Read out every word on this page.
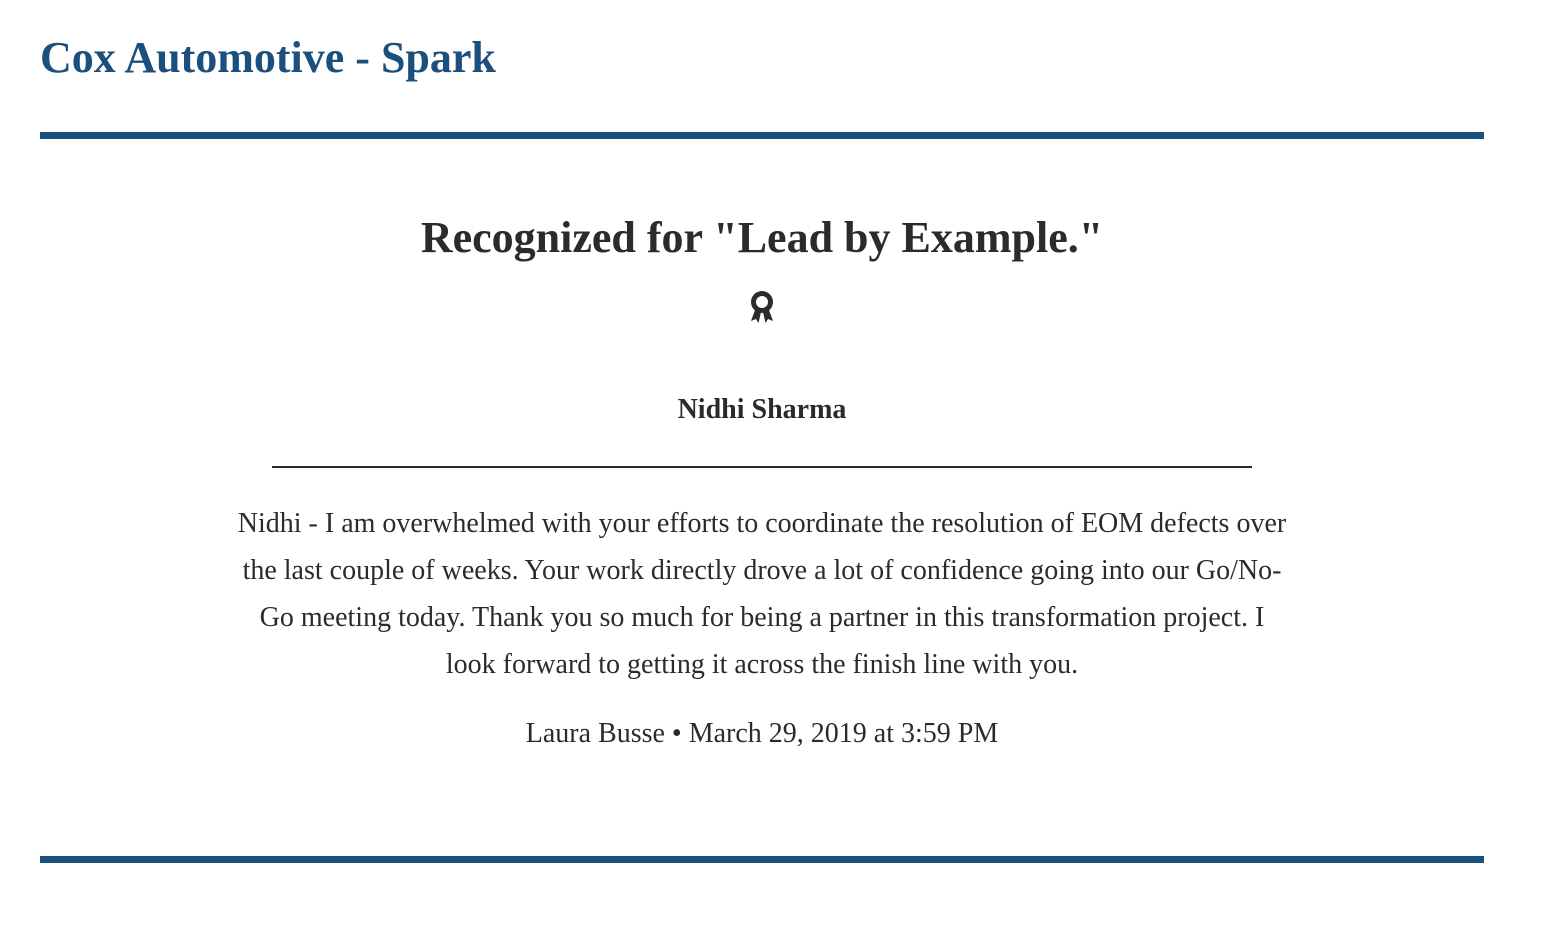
Cox Automotive - Spark
Recognized for "Lead by Example."

Nidhi Sharma

Nidhi - I am overwhelmed with your efforts to coordinate the resolution of EOM defects over the last couple of weeks. Your work directly drove a lot of confidence going into our Go/No-Go meeting today. Thank you so much for being a partner in this transformation project. I look forward to getting it across the finish line with you.

Laura Busse • March 29, 2019 at 3:59 PM
